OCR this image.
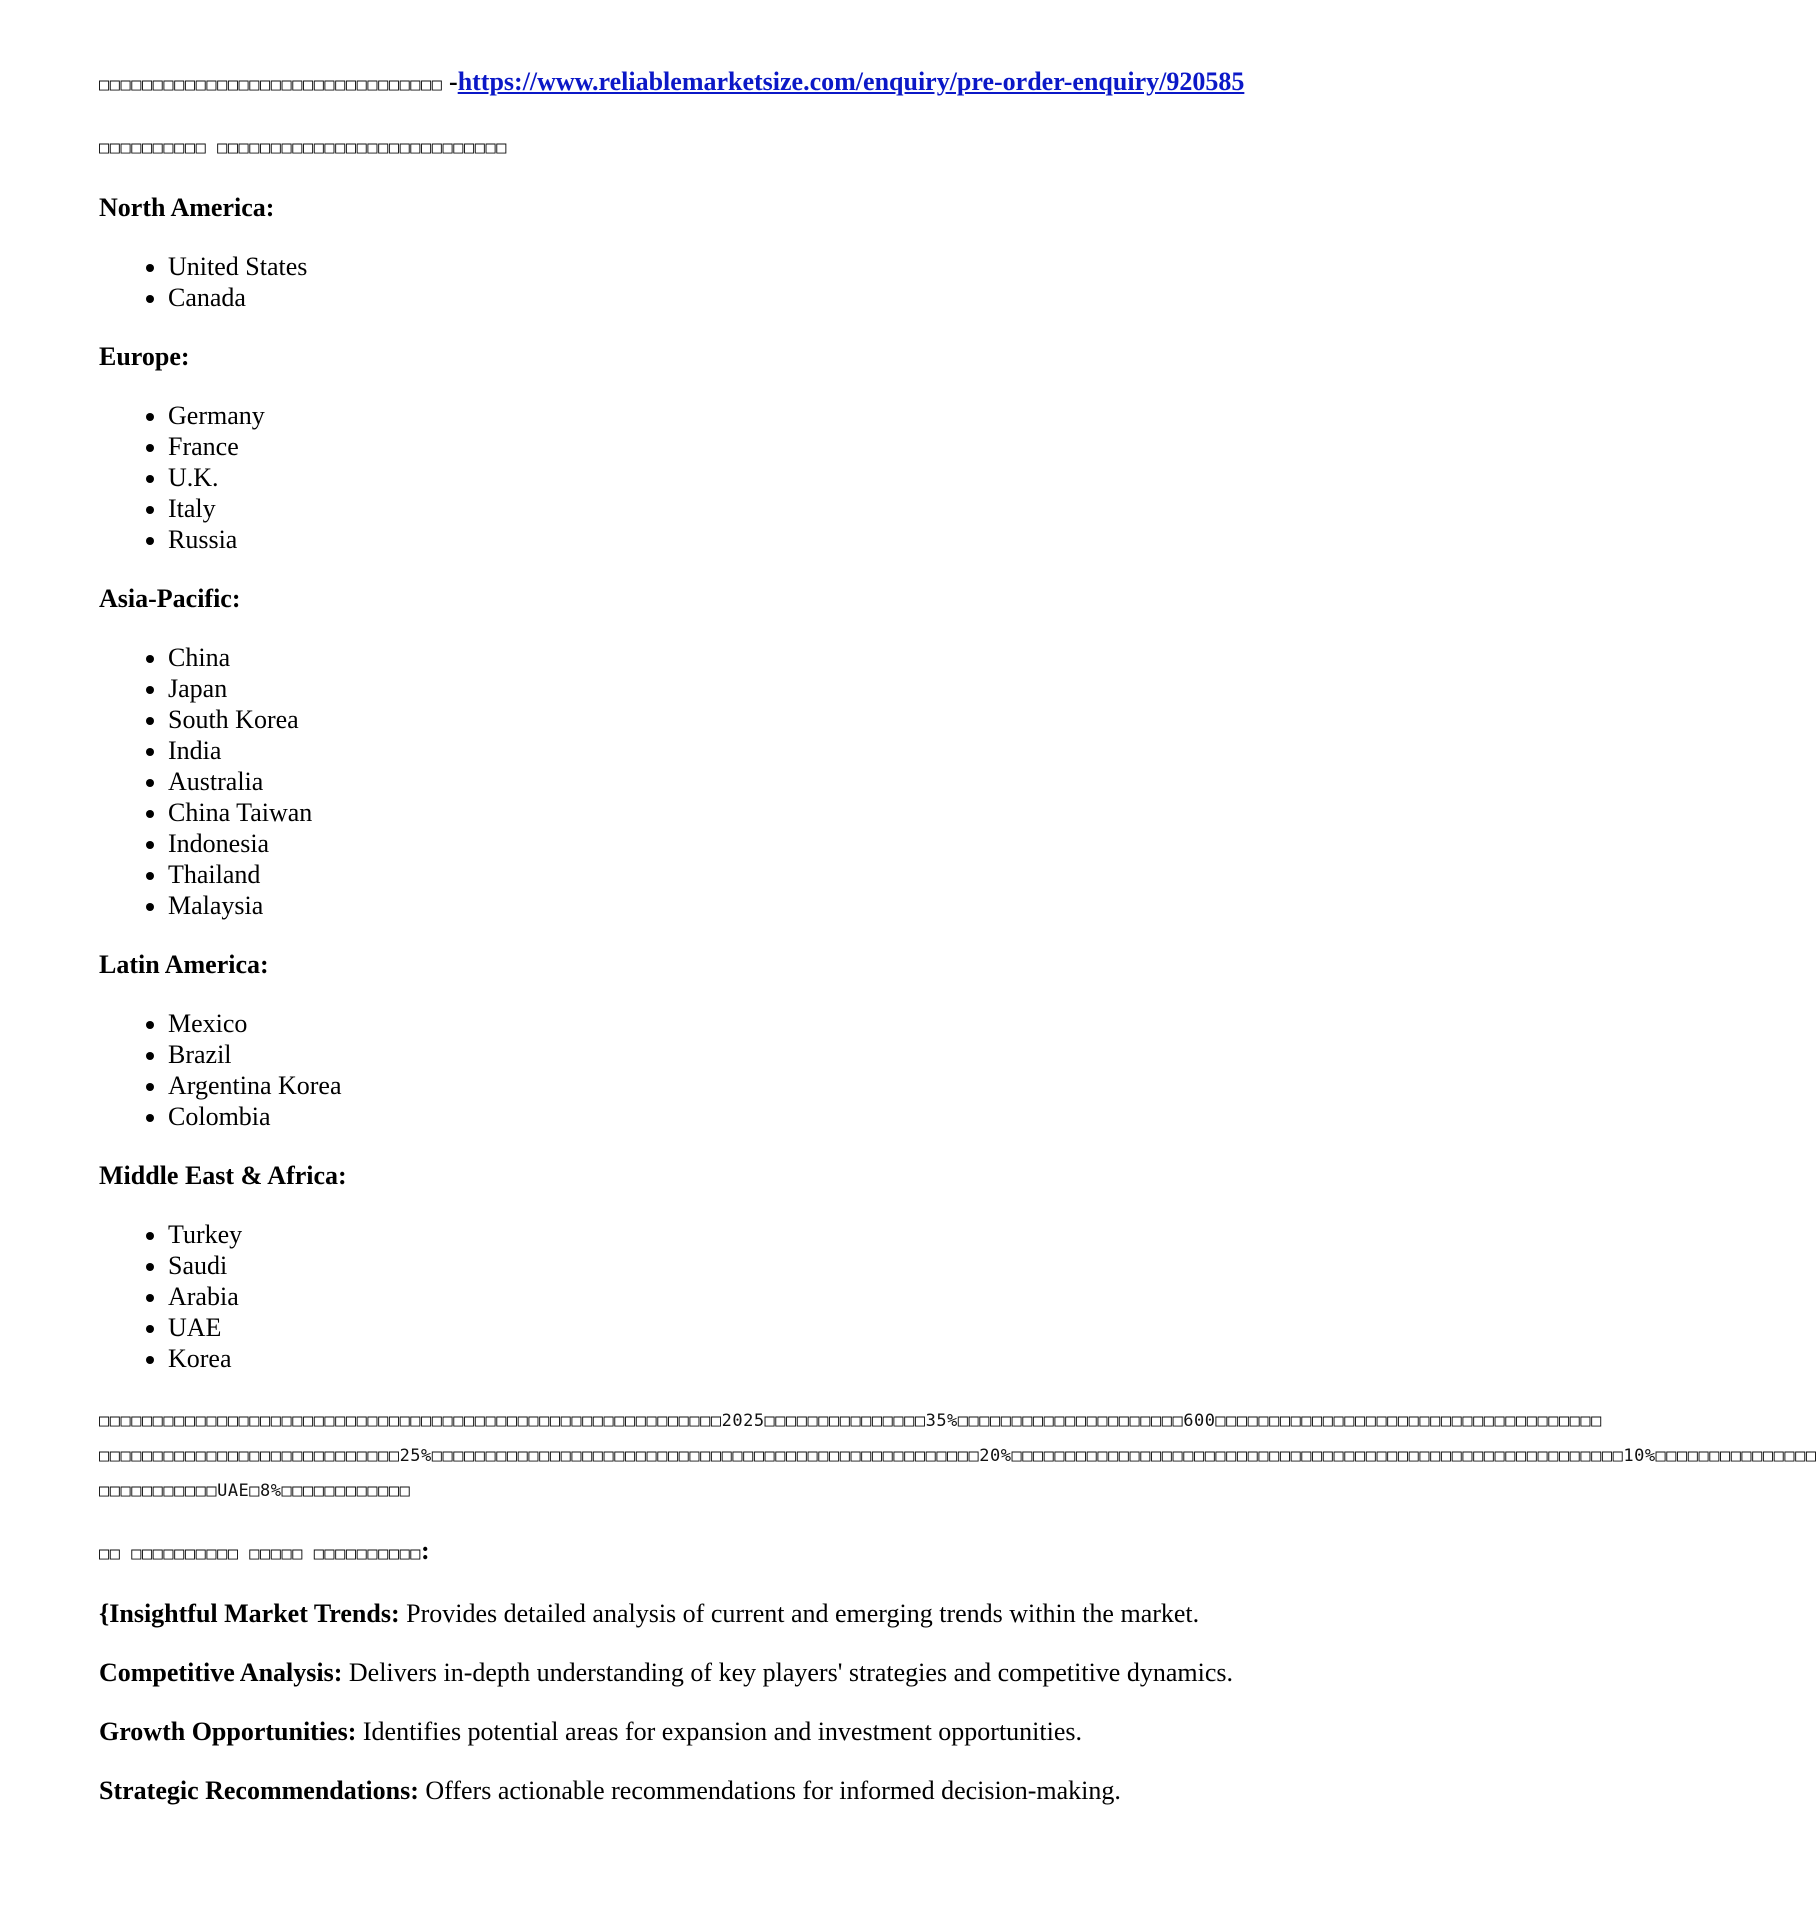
□□□□□□□□□□□□□□□□□□□□□□□□□□□□□□□□ -https://www.reliablemarketsize.com/enquiry/pre-order-enquiry/920585

□□□□□□□□□□ □□□□□□□□□□□□□□□□□□□□□□□□□□□

North America:

• United States
• Canada

Europe:

• Germany
• France
• U.K.
• Italy
• Russia

Asia-Pacific:

• China
• Japan
• South Korea
• India
• Australia
• China Taiwan
• Indonesia
• Thailand
• Malaysia

Latin America:

• Mexico
• Brazil
• Argentina Korea
• Colombia

Middle East & Africa:

• Turkey
• Saudi
• Arabia
• UAE
• Korea

□□□□□□□□□□□□□□□□□□□□□□□□□□□□□□□□□□□□□□□□□□□□□□□□□□□□□□□□□□2025□□□□□□□□□□□□□□□35%□□□□□□□□□□□□□□□□□□□□□600□□□□□□□□□□□□□□□□□□□□□□□□□□□□□□□□□□□□
□□□□□□□□□□□□□□□□□□□□□□□□□□□□25%□□□□□□□□□□□□□□□□□□□□□□□□□□□□□□□□□□□□□□□□□□□□□□□□□□□20%□□□□□□□□□□□□□□□□□□□□□□□□□□□□□□□□□□□□□□□□□□□□□□□□□□□□□□□□□10%□□□□□□□□□□□□□□□
□□□□□□□□□□□UAE□8%□□□□□□□□□□□□

□□ □□□□□□□□□□ □□□□□ □□□□□□□□□□:

{Insightful Market Trends: Provides detailed analysis of current and emerging trends within the market.

Competitive Analysis: Delivers in-depth understanding of key players' strategies and competitive dynamics.

Growth Opportunities: Identifies potential areas for expansion and investment opportunities.

Strategic Recommendations: Offers actionable recommendations for informed decision-making.
